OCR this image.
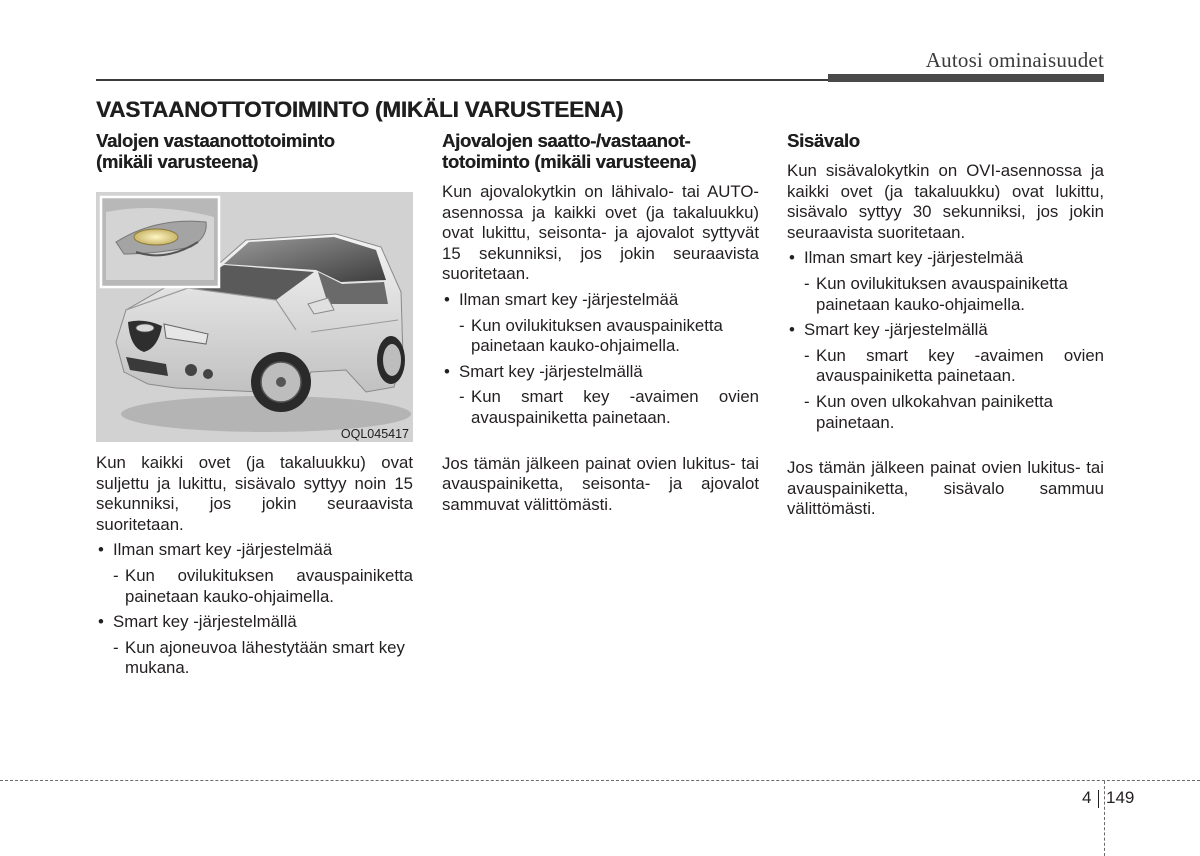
Autosi ominaisuudet
VASTAANOTTOTOIMINTO (MIKÄLI VARUSTEENA)
Valojen vastaanottotoiminto
(mikäli varusteena)
OQL045417

Kun kaikki ovet (ja takaluukku) ovat suljettu ja lukittu, sisävalo syttyy noin 15 sekunniksi, jos jokin seuraavista suoritetaan.

• Ilman smart key -järjestelmää
- Kun ovilukituksen avauspainiketta painetaan kauko-ohjaimella.
• Smart key -järjestelmällä
- Kun ajoneuvoa lähestytään smart key mukana.
Ajovalojen saatto-/vastaanot-
totoiminto (mikäli varusteena)

Kun ajovalokytkin on lähivalo- tai AUTO-asennossa ja kaikki ovet (ja takaluukku) ovat lukittu, seisonta- ja ajovalot syttyvät 15 sekunniksi, jos jokin seuraavista suoritetaan.

• Ilman smart key -järjestelmää
- Kun ovilukituksen avauspainiketta painetaan kauko-ohjaimella.
• Smart key -järjestelmällä
- Kun smart key -avaimen ovien avauspainiketta painetaan.

Jos tämän jälkeen painat ovien lukitus- tai avauspainiketta, seisonta- ja ajovalot sammuvat välittömästi.

Sisävalo

Kun sisävalokytkin on OVI-asennossa ja kaikki ovet (ja takaluukku) ovat lukittu, sisävalo syttyy 30 sekunniksi, jos jokin seuraavista suoritetaan.

• Ilman smart key -järjestelmää
- Kun ovilukituksen avauspainiketta painetaan kauko-ohjaimella.
• Smart key -järjestelmällä
- Kun smart key -avaimen ovien avauspainiketta painetaan.
- Kun oven ulkokahvan painiketta painetaan.

Jos tämän jälkeen painat ovien lukitus- tai avauspainiketta, sisävalo sammuu välittömästi.

4 149
